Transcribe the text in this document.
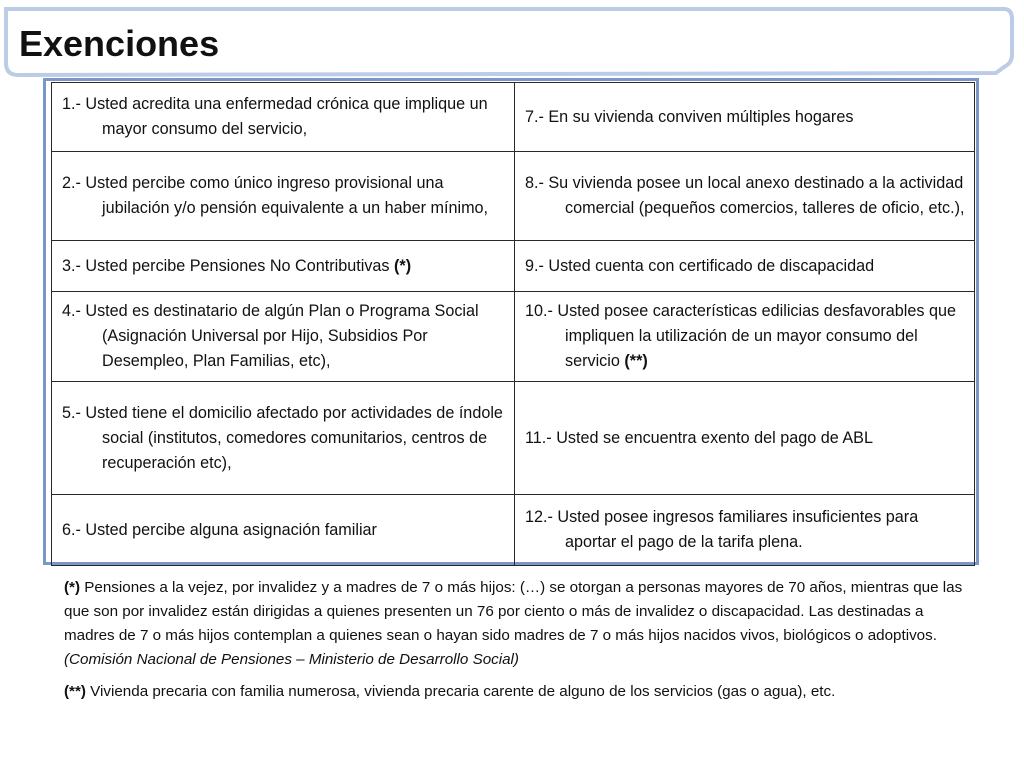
Exenciones
1.- Usted acredita una enfermedad crónica que implique un mayor consumo del servicio,	7.- En su vivienda conviven múltiples hogares

2.- Usted percibe como único ingreso provisional una jubilación y/o pensión equivalente a un haber mínimo,	8.- Su vivienda posee un local anexo destinado a la actividad comercial (pequeños comercios, talleres de oficio, etc.),

3.- Usted percibe Pensiones No Contributivas (*)	9.- Usted cuenta con certificado de discapacidad

4.- Usted es destinatario de algún Plan o Programa Social (Asignación Universal por Hijo, Subsidios Por Desempleo, Plan Familias, etc),	10.- Usted posee características edilicias desfavorables que impliquen la utilización de un mayor consumo del servicio (**)

5.- Usted tiene el domicilio afectado por actividades de índole social (institutos, comedores comunitarios, centros de recuperación etc),	11.- Usted se encuentra exento del pago de ABL

6.- Usted percibe alguna asignación familiar	12.- Usted posee ingresos familiares insuficientes para aportar el pago de la tarifa plena.

(*) Pensiones a la vejez, por invalidez y a madres de 7 o más hijos: (…) se otorgan a personas mayores de 70 años, mientras que las que son por invalidez están dirigidas a quienes presenten un 76 por ciento o más de invalidez o discapacidad. Las destinadas a madres de 7 o más hijos contemplan a quienes sean o hayan sido madres de 7 o más hijos nacidos vivos, biológicos o adoptivos. (Comisión Nacional de Pensiones – Ministerio de Desarrollo Social)

(**) Vivienda precaria con familia numerosa, vivienda precaria carente de alguno de los servicios (gas o agua), etc.
